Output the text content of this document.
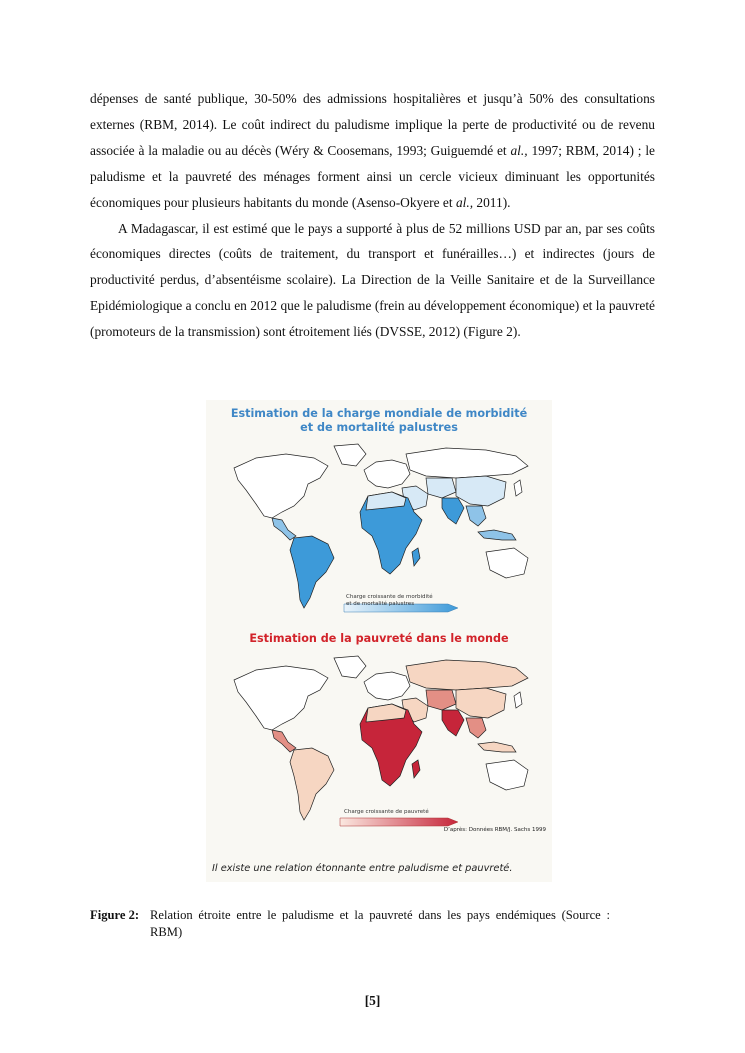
dépenses de santé publique, 30-50% des admissions hospitalières et jusqu’à 50% des consultations externes (RBM, 2014). Le coût indirect du paludisme implique la perte de productivité ou de revenu associée à la maladie ou au décès (Wéry & Coosemans, 1993; Guiguemdé et al., 1997; RBM, 2014) ; le paludisme et la pauvreté des ménages forment ainsi un cercle vicieux diminuant les opportunités économiques pour plusieurs habitants du monde (Asenso-Okyere et al., 2011).

A Madagascar, il est estimé que le pays a supporté à plus de 52 millions USD par an, par ses coûts économiques directes (coûts de traitement, du transport et funérailles…) et indirectes (jours de productivité perdus, d’absentéisme scolaire). La Direction de la Veille Sanitaire et de la Surveillance Epidémiologique a conclu en 2012 que le paludisme (frein au développement économique) et la pauvreté (promoteurs de la transmission) sont étroitement liés (DVSSE, 2012) (Figure 2).

Estimation de la charge mondiale de morbidité
et de mortalité palustres
Charge croissante de morbidité
et de mortalité palustres
Estimation de la pauvreté dans le monde
Charge croissante de pauvreté
D’après: Données RBM/J. Sachs 1999
Il existe une relation étonnante entre paludisme et pauvreté.
Figure 2: Relation étroite entre le paludisme et la pauvreté dans les pays endémiques (Source : RBM)
[5]
